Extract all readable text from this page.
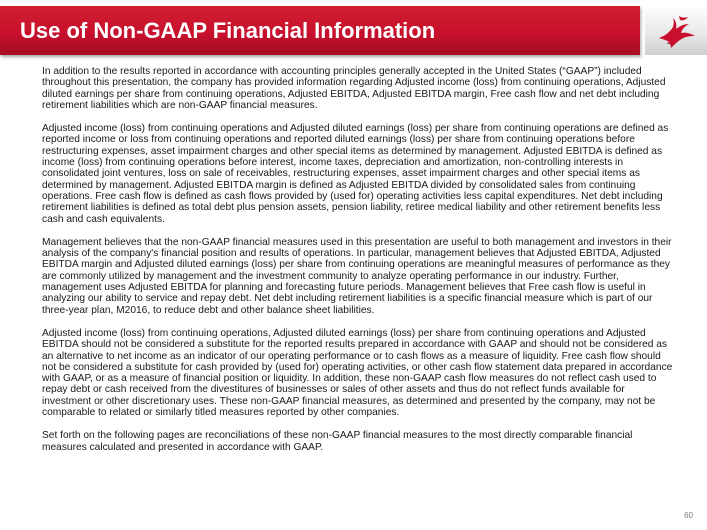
Use of Non-GAAP Financial Information

In addition to the results reported in accordance with accounting principles generally accepted in the United States (“GAAP”) included throughout this presentation, the company has provided information regarding Adjusted income (loss) from continuing operations, Adjusted diluted earnings per share from continuing operations, Adjusted EBITDA, Adjusted EBITDA margin, Free cash flow and net debt including retirement liabilities which are non-GAAP financial measures.

Adjusted income (loss) from continuing operations and Adjusted diluted earnings (loss) per share from continuing operations are defined as reported income or loss from continuing operations and reported diluted earnings (loss) per share from continuing operations before restructuring expenses, asset impairment charges and other special items as determined by management. Adjusted EBITDA is defined as income (loss) from continuing operations before interest, income taxes, depreciation and amortization, non-controlling interests in consolidated joint ventures, loss on sale of receivables, restructuring expenses, asset impairment charges and other special items as determined by management. Adjusted EBITDA margin is defined as Adjusted EBITDA divided by consolidated sales from continuing operations. Free cash flow is defined as cash flows provided by (used for) operating activities less capital expenditures. Net debt including retirement liabilities is defined as total debt plus pension assets, pension liability, retiree medical liability and other retirement benefits less cash and cash equivalents.

Management believes that the non-GAAP financial measures used in this presentation are useful to both management and investors in their analysis of the company's financial position and results of operations. In particular, management believes that Adjusted EBITDA, Adjusted EBITDA margin and Adjusted diluted earnings (loss) per share from continuing operations are meaningful measures of performance as they are commonly utilized by management and the investment community to analyze operating performance in our industry. Further, management uses Adjusted EBITDA for planning and forecasting future periods. Management believes that Free cash flow is useful in analyzing our ability to service and repay debt. Net debt including retirement liabilities is a specific financial measure which is part of our three-year plan, M2016, to reduce debt and other balance sheet liabilities.

Adjusted income (loss) from continuing operations, Adjusted diluted earnings (loss) per share from continuing operations and Adjusted EBITDA should not be considered a substitute for the reported results prepared in accordance with GAAP and should not be considered as an alternative to net income as an indicator of our operating performance or to cash flows as a measure of liquidity. Free cash flow should not be considered a substitute for cash provided by (used for) operating activities, or other cash flow statement data prepared in accordance with GAAP, or as a measure of financial position or liquidity. In addition, these non-GAAP cash flow measures do not reflect cash used to repay debt or cash received from the divestitures of businesses or sales of other assets and thus do not reflect funds available for investment or other discretionary uses. These non-GAAP financial measures, as determined and presented by the company, may not be comparable to related or similarly titled measures reported by other companies.

Set forth on the following pages are reconciliations of these non-GAAP financial measures to the most directly comparable financial measures calculated and presented in accordance with GAAP.

60
